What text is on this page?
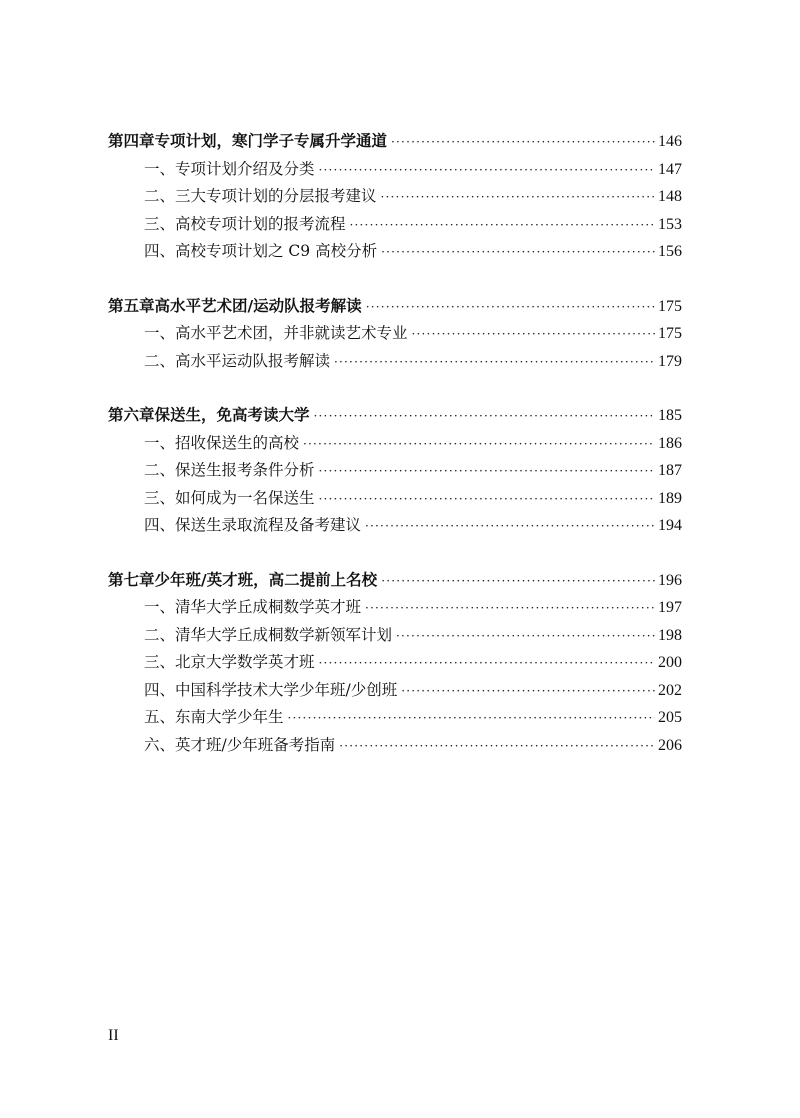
第四章 专项计划，寒门学子专属升学通道 ·····	146
一、专项计划介绍及分类 ·····	147
二、三大专项计划的分层报考建议 ·····	148
三、高校专项计划的报考流程 ·····	153
四、高校专项计划之 C9 高校分析 ·····	156
第五章 高水平艺术团/运动队报考解读 ·····	175
一、高水平艺术团，并非就读艺术专业 ·····	175
二、高水平运动队报考解读 ·····	179
第六章 保送生，免高考读大学 ·····	185
一、招收保送生的高校 ·····	186
二、保送生报考条件分析 ·····	187
三、如何成为一名保送生 ·····	189
四、保送生录取流程及备考建议 ·····	194
第七章 少年班/英才班，高二提前上名校 ·····	196
一、清华大学丘成桐数学英才班 ·····	197
二、清华大学丘成桐数学新领军计划 ·····	198
三、北京大学数学英才班 ·····	200
四、中国科学技术大学少年班/少创班 ·····	202
五、东南大学少年生 ·····	205
六、英才班/少年班备考指南 ·····	206
II
